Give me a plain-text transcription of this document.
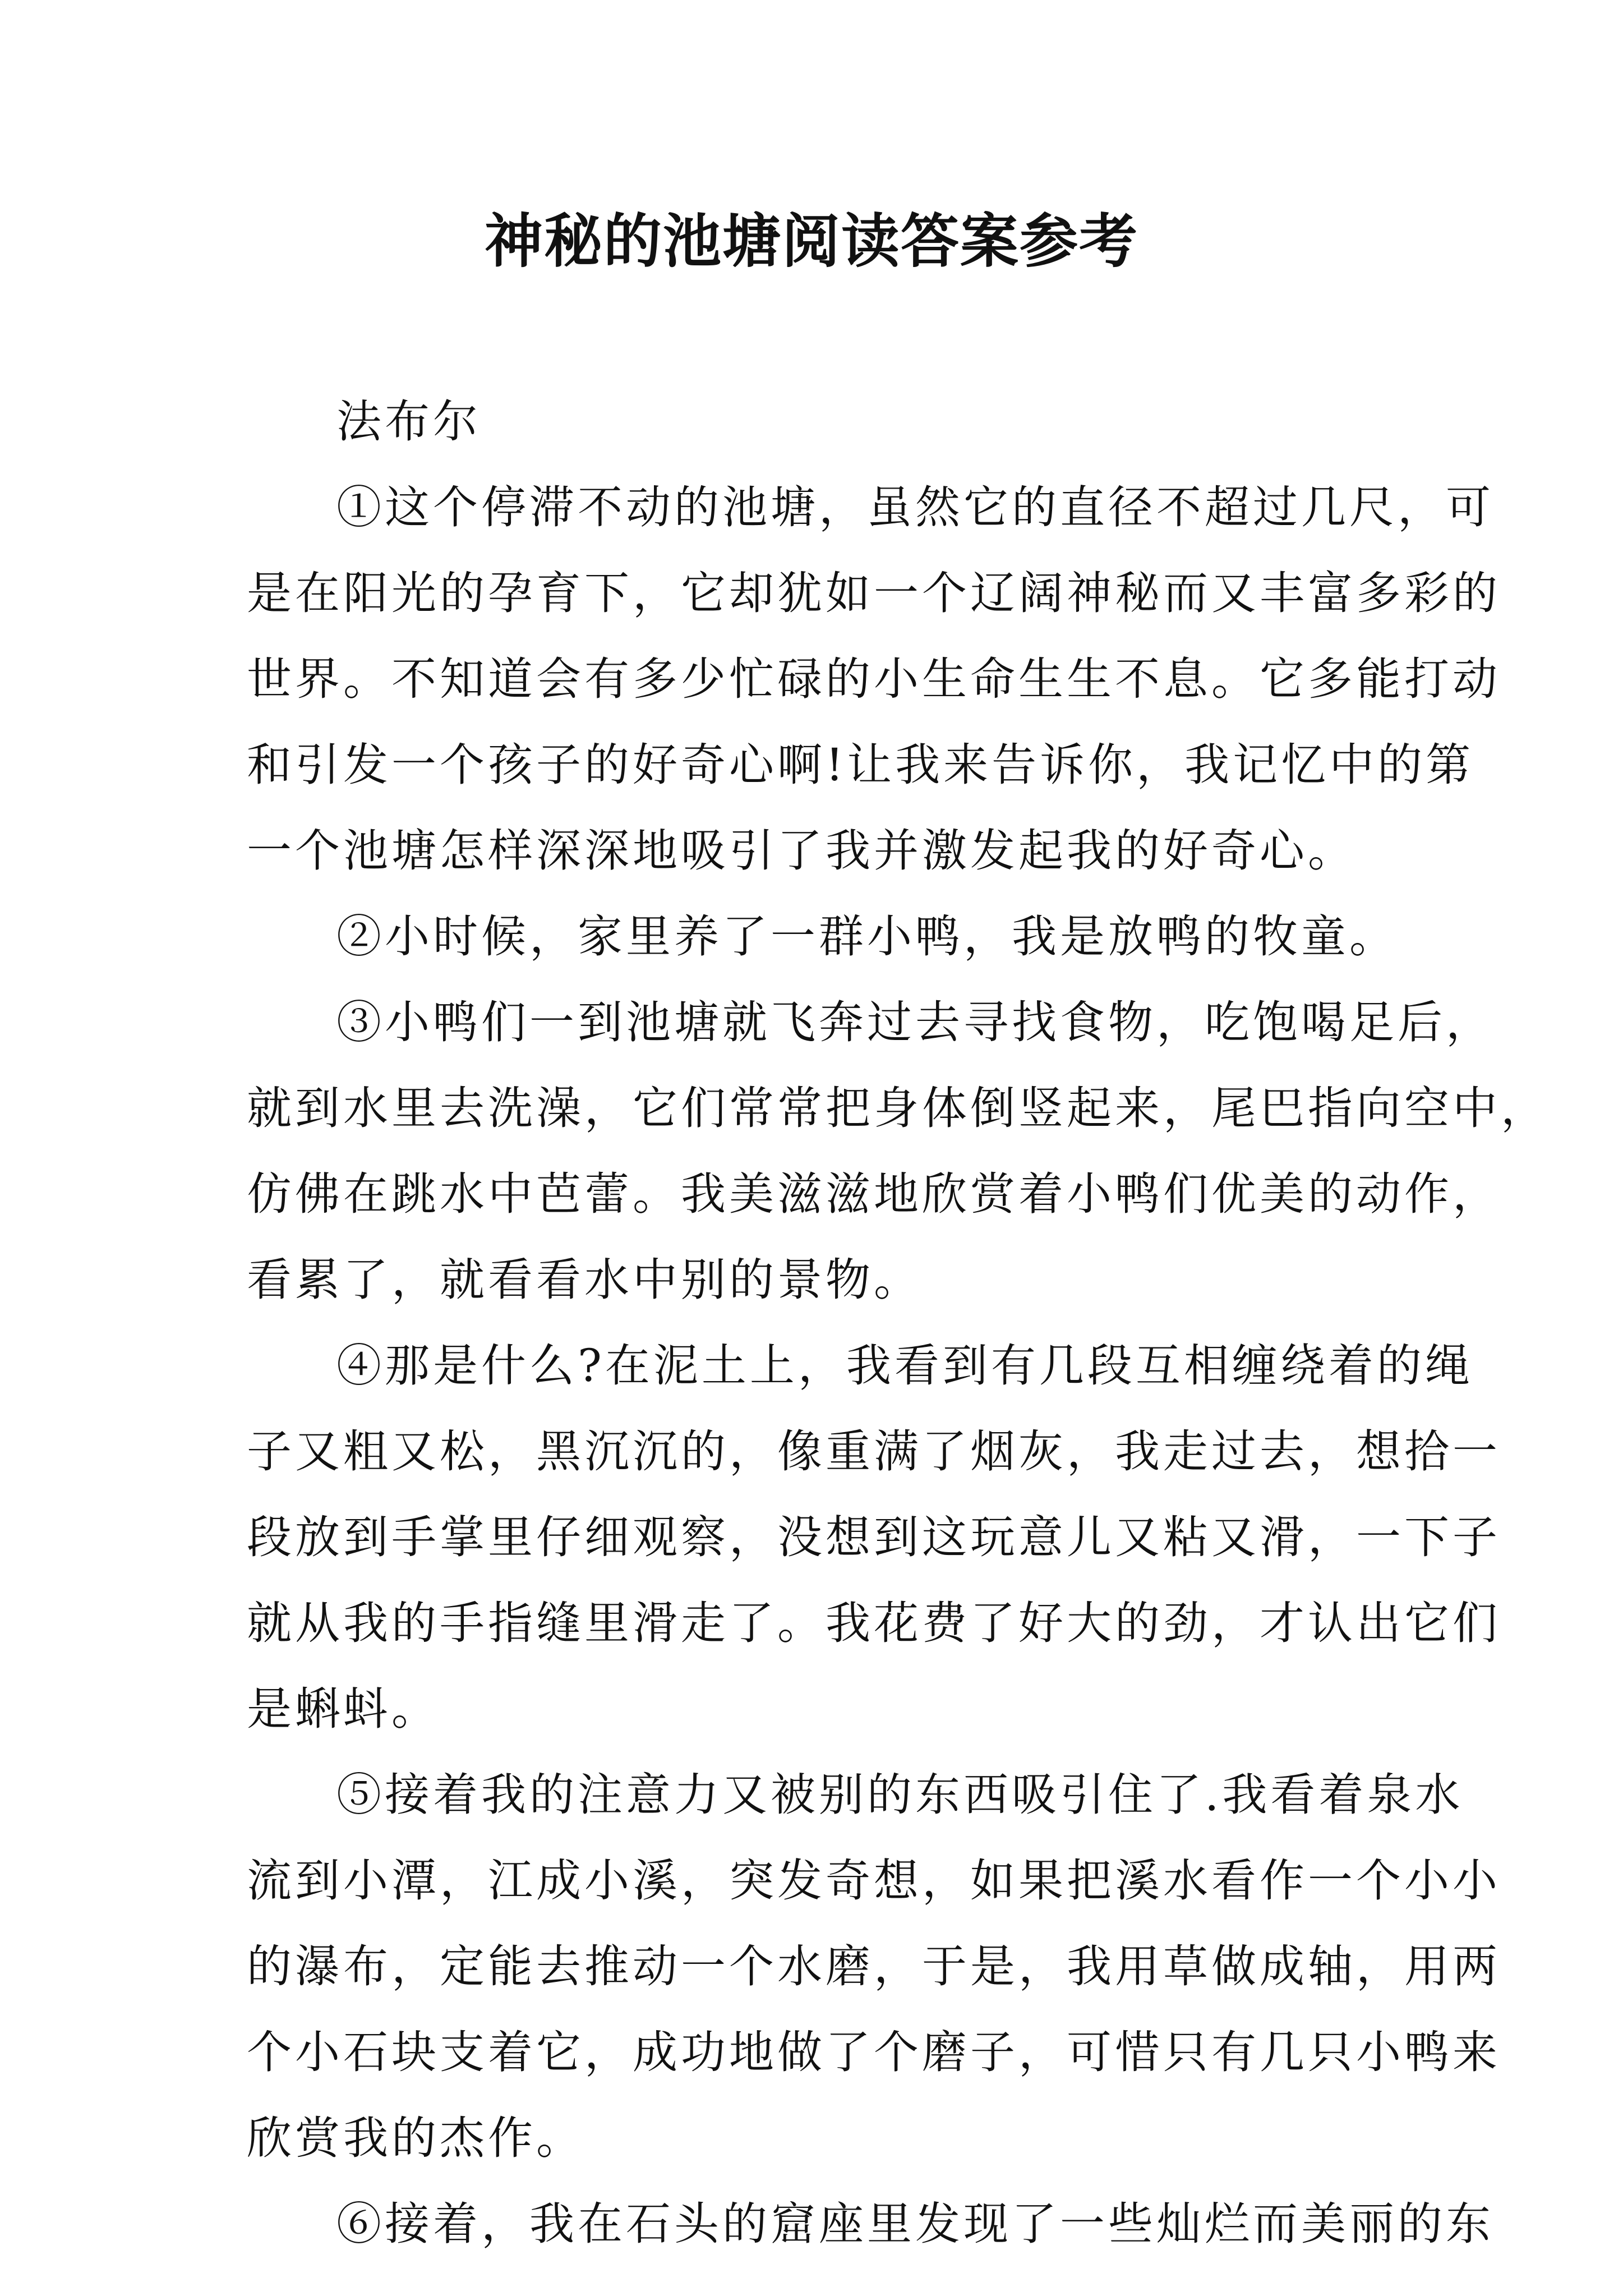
神秘的池塘阅读答案参考
法布尔
①这个停滞不动的池塘，虽然它的直径不超过几尺，可
是在阳光的孕育下，它却犹如一个辽阔神秘而又丰富多彩的
世界。不知道会有多少忙碌的小生命生生不息。它多能打动
和引发一个孩子的好奇心啊!让我来告诉你，我记忆中的第
一个池塘怎样深深地吸引了我并激发起我的好奇心。
②小时候，家里养了一群小鸭，我是放鸭的牧童。
③小鸭们一到池塘就飞奔过去寻找食物，吃饱喝足后，
就到水里去洗澡，它们常常把身体倒竖起来，尾巴指向空中，
仿佛在跳水中芭蕾。我美滋滋地欣赏着小鸭们优美的动作，
看累了，就看看水中别的景物。
④那是什么?在泥土上，我看到有几段互相缠绕着的绳
子又粗又松，黑沉沉的，像重满了烟灰，我走过去，想拾一
段放到手掌里仔细观察，没想到这玩意儿又粘又滑，一下子
就从我的手指缝里滑走了。我花费了好大的劲，才认出它们
是蝌蚪。
⑤接着我的注意力又被别的东西吸引住了.我看着泉水
流到小潭，江成小溪，突发奇想，如果把溪水看作一个小小
的瀑布，定能去推动一个水磨，于是，我用草做成轴，用两
个小石块支着它，成功地做了个磨子，可惜只有几只小鸭来
欣赏我的杰作。
⑥接着，我在石头的窟座里发现了一些灿烂而美丽的东
